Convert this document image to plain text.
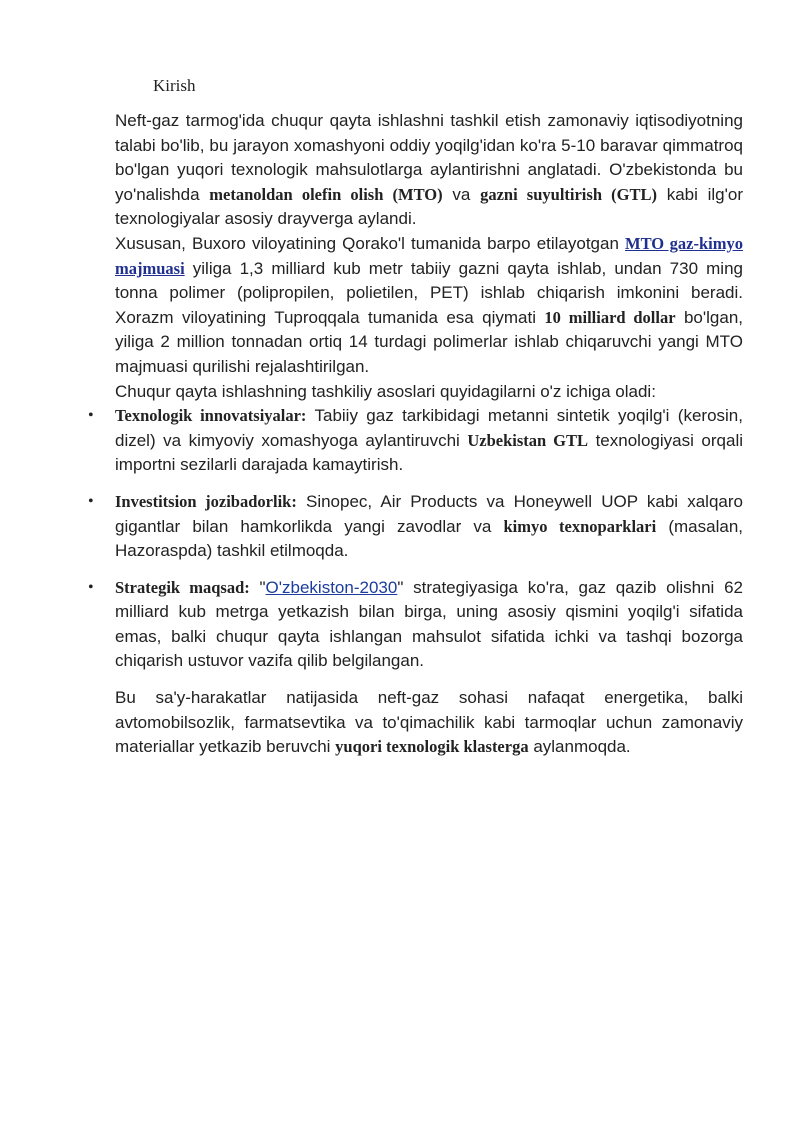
Kirish

Neft-gaz tarmog'ida chuqur qayta ishlashni tashkil etish zamonaviy iqtisodiyotning talabi bo'lib, bu jarayon xomashyoni oddiy yoqilg'idan ko'ra 5-10 baravar qimmatroq bo'lgan yuqori texnologik mahsulotlarga aylantirishni anglatadi. O'zbekistonda bu yo'nalishda metanoldan olefin olish (MTO) va gazni suyultirish (GTL) kabi ilg'or texnologiyalar asosiy drayverga aylandi.

Xususan, Buxoro viloyatining Qorako'l tumanida barpo etilayotgan MTO gaz-kimyo majmuasi yiliga 1,3 milliard kub metr tabiiy gazni qayta ishlab, undan 730 ming tonna polimer (polipropilen, polietilen, PET) ishlab chiqarish imkonini beradi. Xorazm viloyatining Tuproqqala tumanida esa qiymati 10 milliard dollar bo'lgan, yiliga 2 million tonnadan ortiq 14 turdagi polimerlar ishlab chiqaruvchi yangi MTO majmuasi qurilishi rejalashtirilgan.

Chuqur qayta ishlashning tashkiliy asoslari quyidagilarni o'z ichiga oladi:

• Texnologik innovatsiyalar: Tabiiy gaz tarkibidagi metanni sintetik yoqilg'i (kerosin, dizel) va kimyoviy xomashyoga aylantiruvchi Uzbekistan GTL texnologiyasi orqali importni sezilarli darajada kamaytirish.
• Investitsion jozibadorlik: Sinopec, Air Products va Honeywell UOP kabi xalqaro gigantlar bilan hamkorlikda yangi zavodlar va kimyo texnoparklari (masalan, Hazoraspda) tashkil etilmoqda.
• Strategik maqsad: "O'zbekiston-2030" strategiyasiga ko'ra, gaz qazib olishni 62 milliard kub metrga yetkazish bilan birga, uning asosiy qismini yoqilg'i sifatida emas, balki chuqur qayta ishlangan mahsulot sifatida ichki va tashqi bozorga chiqarish ustuvor vazifa qilib belgilangan.

Bu sa'y-harakatlar natijasida neft-gaz sohasi nafaqat energetika, balki avtomobilsozlik, farmatsevtika va to'qimachilik kabi tarmoqlar uchun zamonaviy materiallar yetkazib beruvchi yuqori texnologik klasterga aylanmoqda.
